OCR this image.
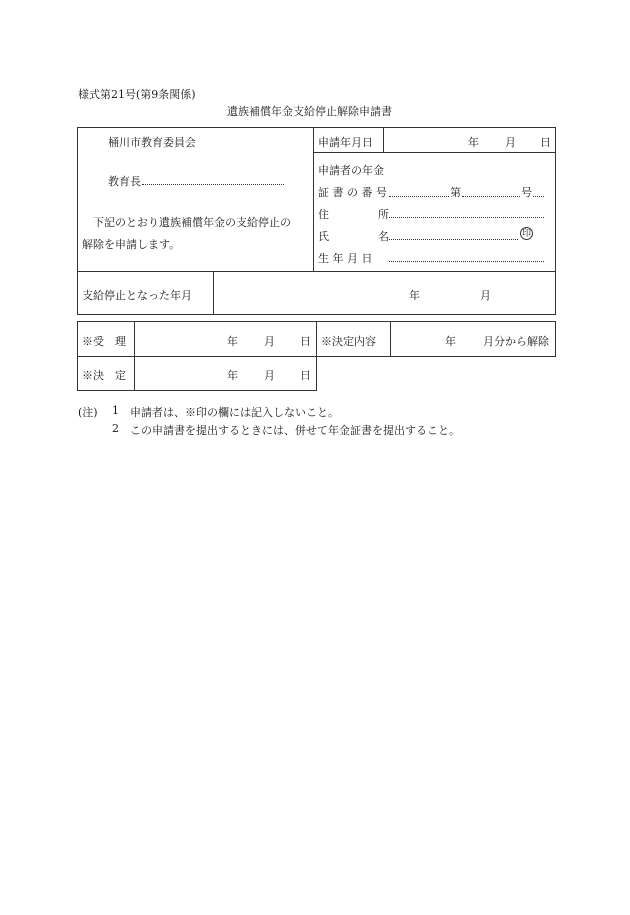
様式第21号(第9条関係)
遺族補償年金支給停止解除申請書
桶川市教育委員会
教育長
下記のとおり遺族補償年金の支給停止の
解除を申請します。
申請年月日	年 月 日
申請者の年金
証 書 の 番 号	第	号
住	所
氏	名	印
生 年 月 日
支給停止となった年月	年	月
※受　理	年 月 日 ※決定内容	年 月分から解除
※決　定	年 月 日
(注) 1 申請者は、※印の欄には記入しないこと。
2 この申請書を提出するときには、併せて年金証書を提出すること。
